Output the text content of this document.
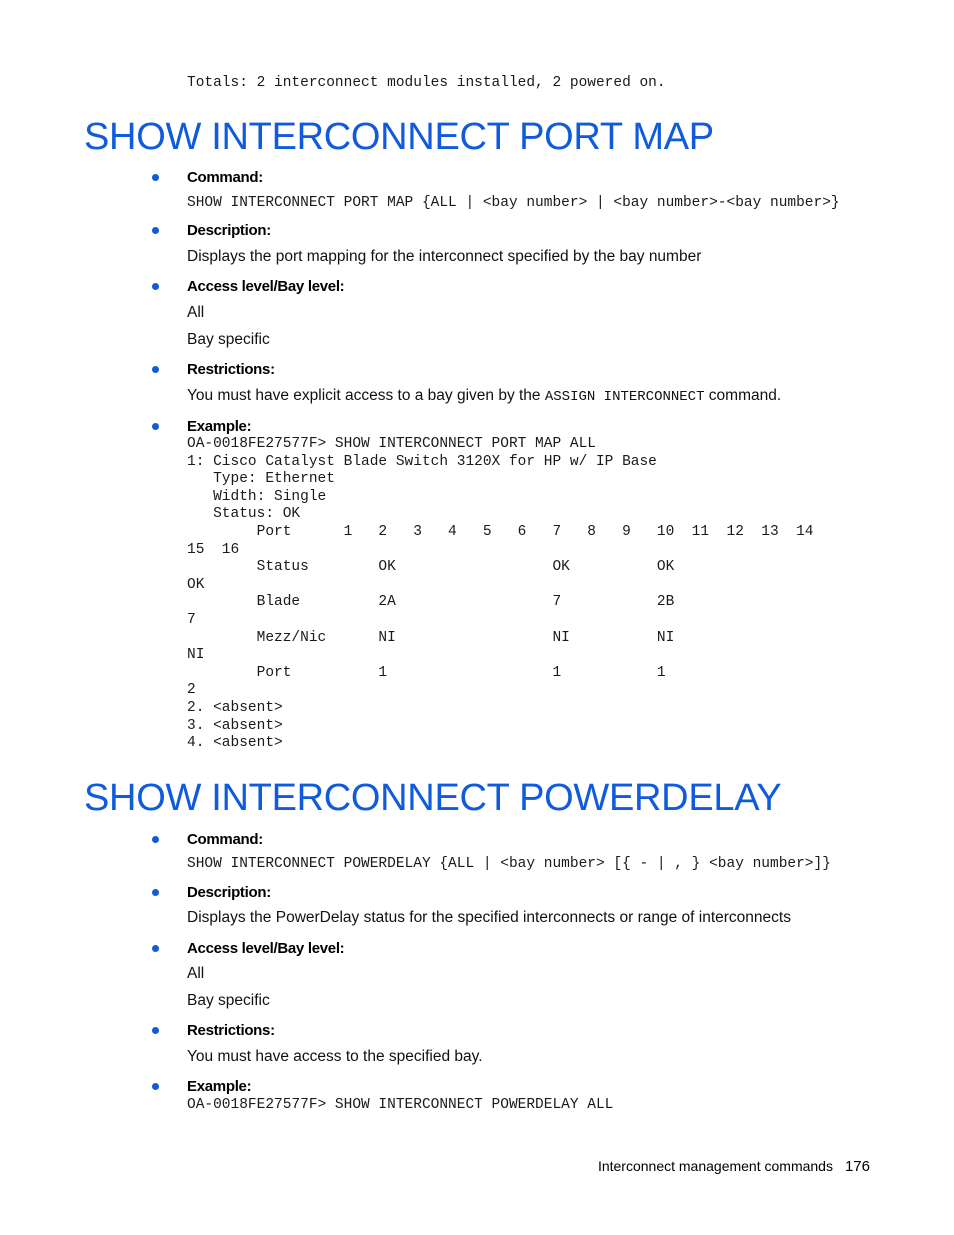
Totals: 2 interconnect modules installed, 2 powered on.
SHOW INTERCONNECT PORT MAP
Command:
SHOW INTERCONNECT PORT MAP {ALL | <bay number> | <bay number>-<bay number>}
Description:
Displays the port mapping for the interconnect specified by the bay number
Access level/Bay level:
All
Bay specific
Restrictions:
You must have explicit access to a bay given by the ASSIGN INTERCONNECT command.
Example:
OA-0018FE27577F> SHOW INTERCONNECT PORT MAP ALL
1: Cisco Catalyst Blade Switch 3120X for HP w/ IP Base
Type: Ethernet
Width: Single
Status: OK
Port      1   2   3   4   5   6   7   8   9   10  11  12  13  14
15  16
Status        OK                  OK          OK
OK
Blade         2A                  7           2B
7
Mezz/Nic      NI                  NI          NI
NI
Port          1                   1           1
2
2. <absent>
3. <absent>
4. <absent>
SHOW INTERCONNECT POWERDELAY
Command:
SHOW INTERCONNECT POWERDELAY {ALL | <bay number> [{ - | , } <bay number>]}
Description:
Displays the PowerDelay status for the specified interconnects or range of interconnects
Access level/Bay level:
All
Bay specific
Restrictions:
You must have access to the specified bay.
Example:
OA-0018FE27577F> SHOW INTERCONNECT POWERDELAY ALL
Interconnect management commands 176
